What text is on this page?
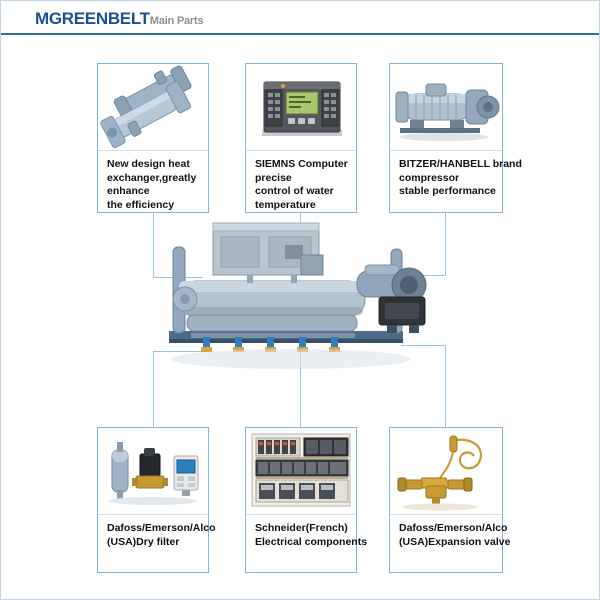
MGREENBELTMain Parts
New design heat
exchanger,greatly
enhance
the efficiency
SIEMNS Computer
precise
control of water
temperature
BITZER/HANBELL brand
compressor
stable performance
Dafoss/Emerson/Alco
(USA)Dry filter
Schneider(French)
Electrical components
Dafoss/Emerson/Alco
(USA)Expansion valve
